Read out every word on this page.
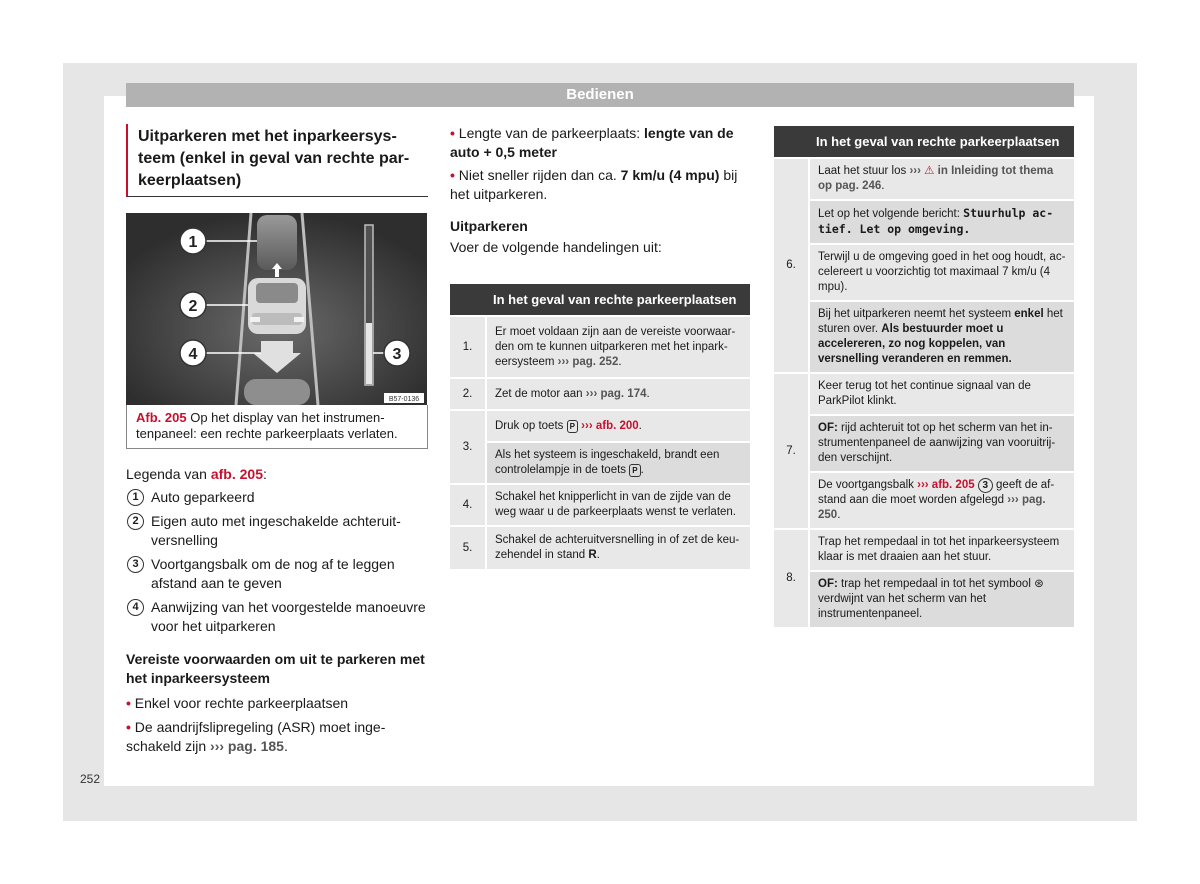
Bedienen
Uitparkeren met het inparkeersysteem (enkel in geval van rechte parkeerplaatsen)
1
2
3
4
B57-0136
Afb. 205 Op het display van het instrumentenpaneel: een rechte parkeerplaats verlaten.
Legenda van afb. 205:
1 Auto geparkeerd
2 Eigen auto met ingeschakelde achteruitversnelling
3 Voortgangsbalk om de nog af te leggen afstand aan te geven
4 Aanwijzing van het voorgestelde manoeuvre voor het uitparkeren
Vereiste voorwaarden om uit te parkeren met het inparkeersysteem
• Enkel voor rechte parkeerplaatsen
• De aandrijfslipregeling (ASR) moet ingeschakeld zijn ››› pag. 185.
• Lengte van de parkeerplaats: lengte van de auto + 0,5 meter
• Niet sneller rijden dan ca. 7 km/u (4 mpu) bij het uitparkeren.
Uitparkeren

Voer de volgende handelingen uit:

	In het geval van rechte parkeerplaatsen
1.	Er moet voldaan zijn aan de vereiste voorwaarden om te kunnen uitparkeren met het inparkeersysteem ››› pag. 252.
2.	Zet de motor aan ››› pag. 174.
3.	Druk op toets P ››› afb. 200.
	Als het systeem is ingeschakeld, brandt een controlelampje in de toets P .
4.	Schakel het knipperlicht in van de zijde van de weg waar u de parkeerplaats wenst te verlaten.
5.	Schakel de achteruitversnelling in of zet de keuzehendel in stand R.
	In het geval van rechte parkeerplaatsen
6.	Laat het stuur los ››› ⚠ in Inleiding tot thema op pag. 246.
	Let op het volgende bericht: Stuurhulp actief. Let op omgeving.
	Terwijl u de omgeving goed in het oog houdt, accelereert u voorzichtig tot maximaal 7 km/u (4 mpu).
	Bij het uitparkeren neemt het systeem enkel het sturen over. Als bestuurder moet u accelereren, zo nog koppelen, van versnelling veranderen en remmen.
7.	Keer terug tot het continue signaal van de ParkPilot klinkt.
	OF: rijd achteruit tot op het scherm van het instrumentenpaneel de aanwijzing van vooruitrijden verschijnt.
	De voortgangsbalk ››› afb. 205 3 geeft de afstand aan die moet worden afgelegd ››› pag. 250.
8.	Trap het rempedaal in tot het inparkeersysteem klaar is met draaien aan het stuur.
	OF: trap het rempedaal in tot het symbool ⊛ verdwijnt van het scherm van het instrumentenpaneel.
252
